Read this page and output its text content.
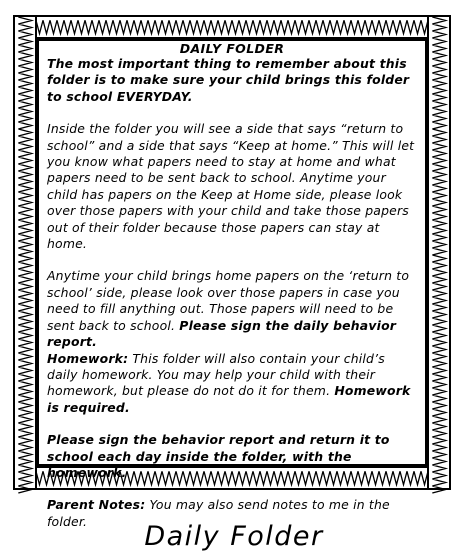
DAILY FOLDER

The most important thing to remember about this folder is to make sure your child brings this folder to school EVERYDAY.

Inside the folder you will see a side that says “return to school” and a side that says “Keep at home.” This will let you know what papers need to stay at home and what papers need to be sent back to school. Anytime your child has papers on the Keep at Home side, please look over those papers with your child and take those papers out of their folder because those papers can stay at home.

Anytime your child brings home papers on the ‘return to school’ side, please look over those papers in case you need to fill anything out. Those papers will need to be sent back to school. Please sign the daily behavior report.
Homework: This folder will also contain your child’s daily homework. You may help your child with their homework, but please do not do it for them. Homework is required.

Please sign the behavior report and return it to school each day inside the folder, with the homework.

Parent Notes: You may also send notes to me in the folder.	Daily Folder
